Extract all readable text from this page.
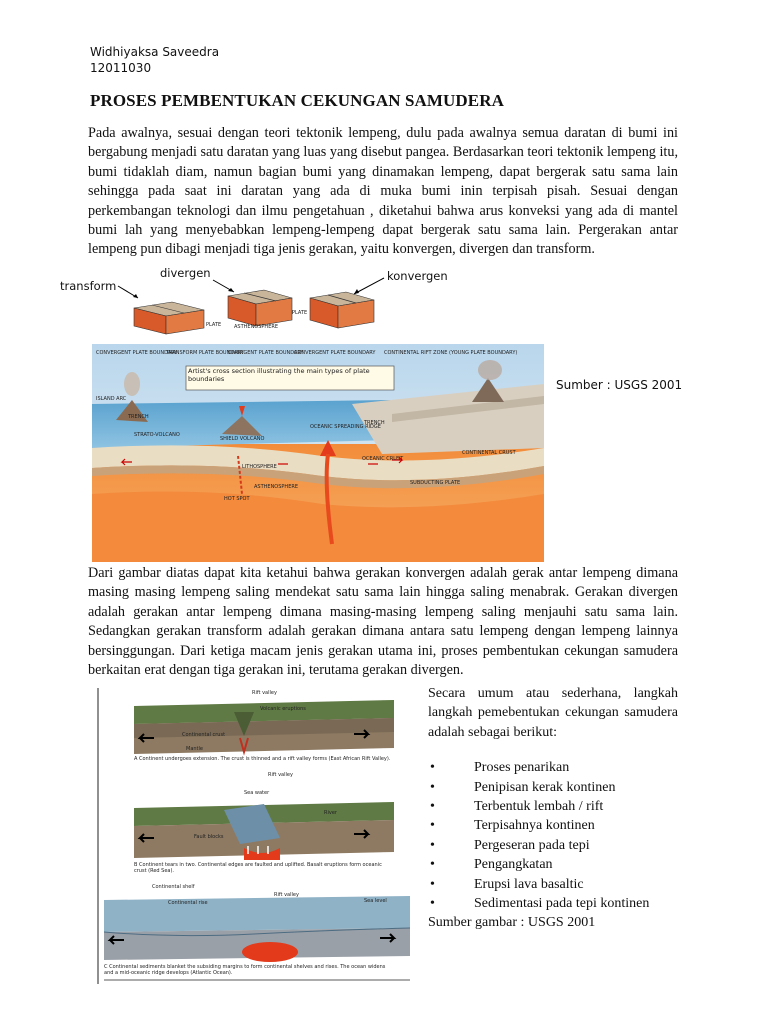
Widhiyaksa Saveedra
12011030
PROSES PEMBENTUKAN CEKUNGAN SAMUDERA
Pada awalnya, sesuai dengan teori tektonik lempeng, dulu pada awalnya semua daratan di bumi ini bergabung menjadi satu daratan yang luas yang disebut pangea. Berdasarkan teori tektonik lempeng itu, bumi tidaklah diam, namun bagian bumi yang dinamakan lempeng, dapat bergerak satu sama lain sehingga pada saat ini daratan yang ada di muka bumi inin terpisah pisah. Sesuai dengan perkembangan teknologi dan ilmu pengetahuan , diketahui bahwa arus konveksi yang ada di mantel bumi lah yang menyebabkan lempeng-lempeng dapat bergerak satu sama lain. Pergerakan antar lempeng pun dibagi menjadi tiga jenis gerakan, yaitu konvergen, divergen dan transform.
PLATE	ASTHENOSPHERE
PLATE
transform
divergen	konvergen
Artist's cross section illustrating the main types of plate boundaries
CONVERGENT PLATE BOUNDARY
TRANSFORM PLATE BOUNDARY
DIVERGENT PLATE BOUNDARY
CONVERGENT PLATE BOUNDARY CONTINENTAL RIFT ZONE (YOUNG PLATE BOUNDARY)
ISLAND ARC
TRENCH
STRATO-VOLCANO
SHIELD VOLCANO
OCEANIC SPREADING RIDGE
TRENCH
OCEANIC CRUST
CONTINENTAL CRUST
LITHOSPHERE
ASTHENOSPHERE
HOT SPOT
SUBDUCTING PLATE
Sumber : USGS 2001
Dari gambar diatas dapat kita ketahui bahwa gerakan konvergen adalah gerak antar lempeng dimana masing masing lempeng saling mendekat satu sama lain hingga saling menabrak. Gerakan divergen adalah gerakan antar lempeng dimana masing-masing lempeng saling menjauhi satu sama lain. Sedangkan gerakan transform adalah gerakan dimana antara satu lempeng dengan lempeng lainnya bersinggungan. Dari ketiga macam jenis gerakan utama ini, proses pembentukan cekungan samudera berkaitan erat dengan tiga gerakan ini, terutama gerakan divergen.
Rift valley
Volcanic eruptions
Continental crust
Mantle
A Continent undergoes extension. The crust is thinned and a rift valley forms (East African Rift Valley).
Rift valley
Sea water
River
Fault blocks
B Continent tears in two. Continental edges are faulted and uplifted. Basalt eruptions form oceanic crust (Red Sea).
Continental shelf
Continental rise
Rift valley
Sea level
C Continental sediments blanket the subsiding margins to form continental shelves and rises. The ocean widens and a mid-oceanic ridge develops (Atlantic Ocean).
Secara umum atau sederhana, langkah langkah pemebentukan cekungan samudera adalah sebagai berikut:
•	Proses penarikan
•	Penipisan kerak kontinen
•	Terbentuk lembah / rift
•	Terpisahnya kontinen
•	Pergeseran pada tepi
•	Pengangkatan
•	Erupsi lava basaltic
•	Sedimentasi pada tepi kontinen
Sumber gambar : USGS 2001
